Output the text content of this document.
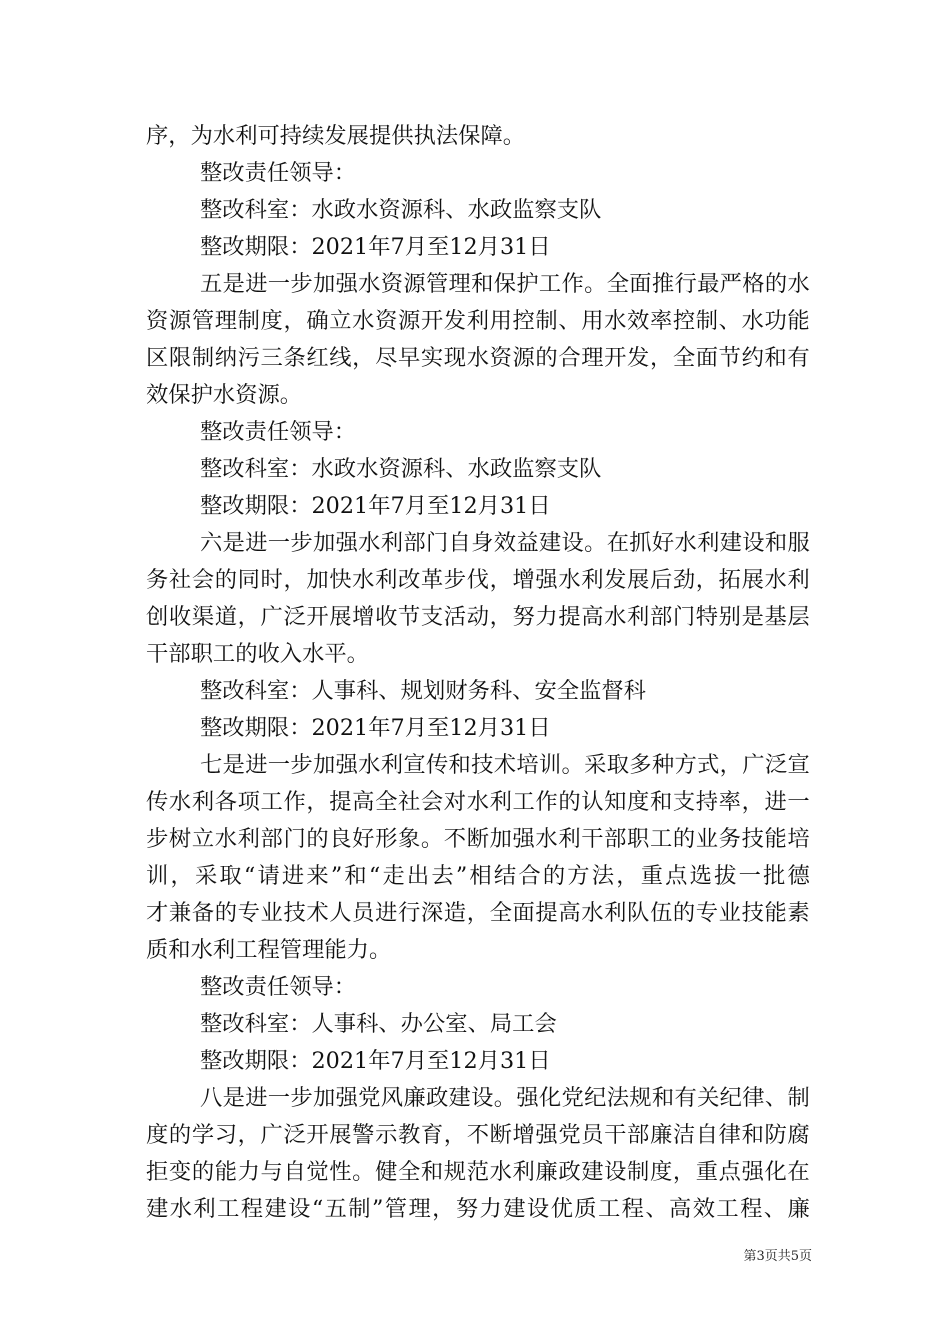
序，为水利可持续发展提供执法保障。
整改责任领导：
整改科室：水政水资源科、水政监察支队
整改期限：2021年7月至12月31日
五 是 进 一 步 加 强 水 资 源 管 理 和 保 护 工 作 。 全 面 推 行 最 严 格 的 水
资 源 管 理 制 度 ， 确 立 水 资 源 开 发 利 用 控 制 、 用 水 效 率 控 制 、 水 功 能
区 限 制 纳 污 三 条 红 线 ， 尽 早 实 现 水 资 源 的 合 理 开 发 ， 全 面 节 约 和 有
效保护水资源。
整改责任领导：
整改科室：水政水资源科、水政监察支队
整改期限：2021年7月至12月31日
六 是 进 一 步 加 强 水 利 部 门 自 身 效 益 建 设 。 在 抓 好 水 利 建 设 和 服
务 社 会 的 同 时 ， 加 快 水 利 改 革 步 伐 ， 增 强 水 利 发 展 后 劲 ， 拓 展 水 利
创 收 渠 道 ， 广 泛 开 展 增 收 节 支 活 动 ， 努 力 提 高 水 利 部 门 特 别 是 基 层
干部职工的收入水平。
整改科室：人事科、规划财务科、安全监督科
整改期限：2021年7月至12月31日
七 是 进 一 步 加 强 水 利 宣 传 和 技 术 培 训 。 采 取 多 种 方 式 ， 广 泛 宣
传 水 利 各 项 工 作 ， 提 高 全 社 会 对 水 利 工 作 的 认 知 度 和 支 持 率 ， 进 一
步 树 立 水 利 部 门 的 良 好 形 象 。 不 断 加 强 水 利 干 部 职 工 的 业 务 技 能 培
训 ， 采 取 “ 请 进 来 ” 和 “ 走 出 去 ” 相 结 合 的 方 法 ， 重 点 选 拔 一 批 德
才 兼 备 的 专 业 技 术 人 员 进 行 深 造 ， 全 面 提 高 水 利 队 伍 的 专 业 技 能 素
质和水利工程管理能力。
整改责任领导：
整改科室：人事科、办公室、局工会
整改期限：2021年7月至12月31日
八 是 进 一 步 加 强 党 风 廉 政 建 设 。 强 化 党 纪 法 规 和 有 关 纪 律 、 制
度 的 学 习 ， 广 泛 开 展 警 示 教 育 ， 不 断 增 强 党 员 干 部 廉 洁 自 律 和 防 腐
拒 变 的 能 力 与 自 觉 性 。 健 全 和 规 范 水 利 廉 政 建 设 制 度 ， 重 点 强 化 在
建 水 利 工 程 建 设 “ 五 制 ” 管 理 ， 努 力 建 设 优 质 工 程 、 高 效 工 程 、 廉
第3页共5页
